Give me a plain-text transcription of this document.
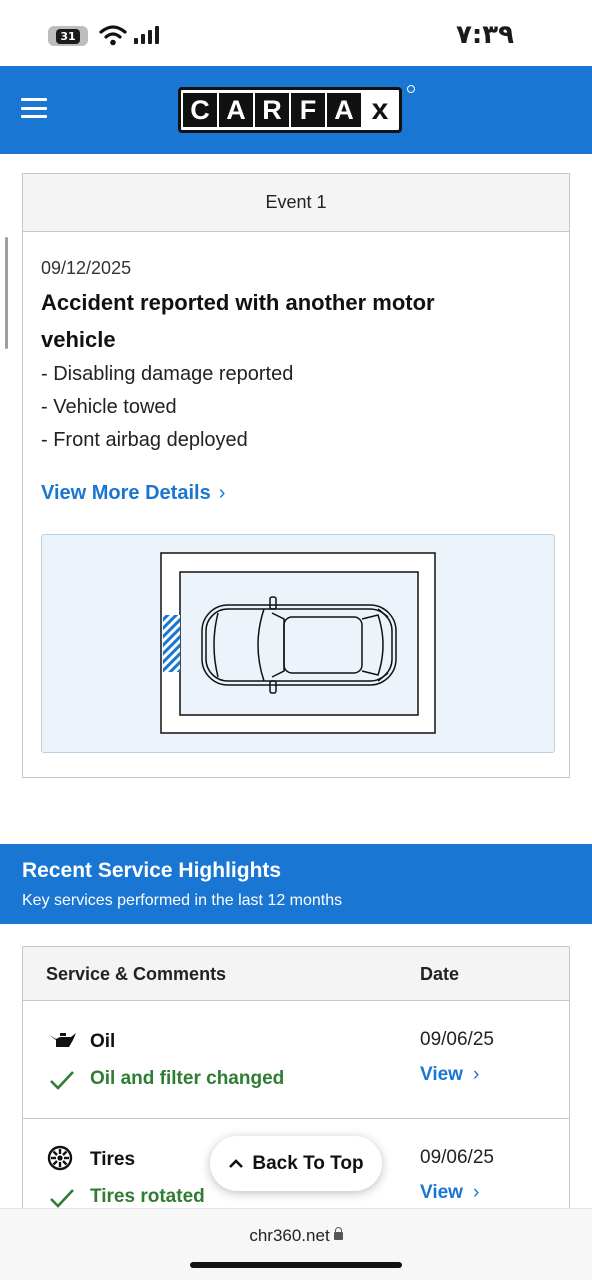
31	۷:۳۹
C A R F A x
Event 1
09/12/2025
Accident reported with another motor vehicle
- Disabling damage reported
- Vehicle towed
- Front airbag deployed
View More Details ›
Recent Service Highlights
Key services performed in the last 12 months
Service & Comments	Date
Oil
Oil and filter changed
09/06/25
View ›
Tires
Tires rotated
09/06/25
View ›
Back To Top
chr360.net
